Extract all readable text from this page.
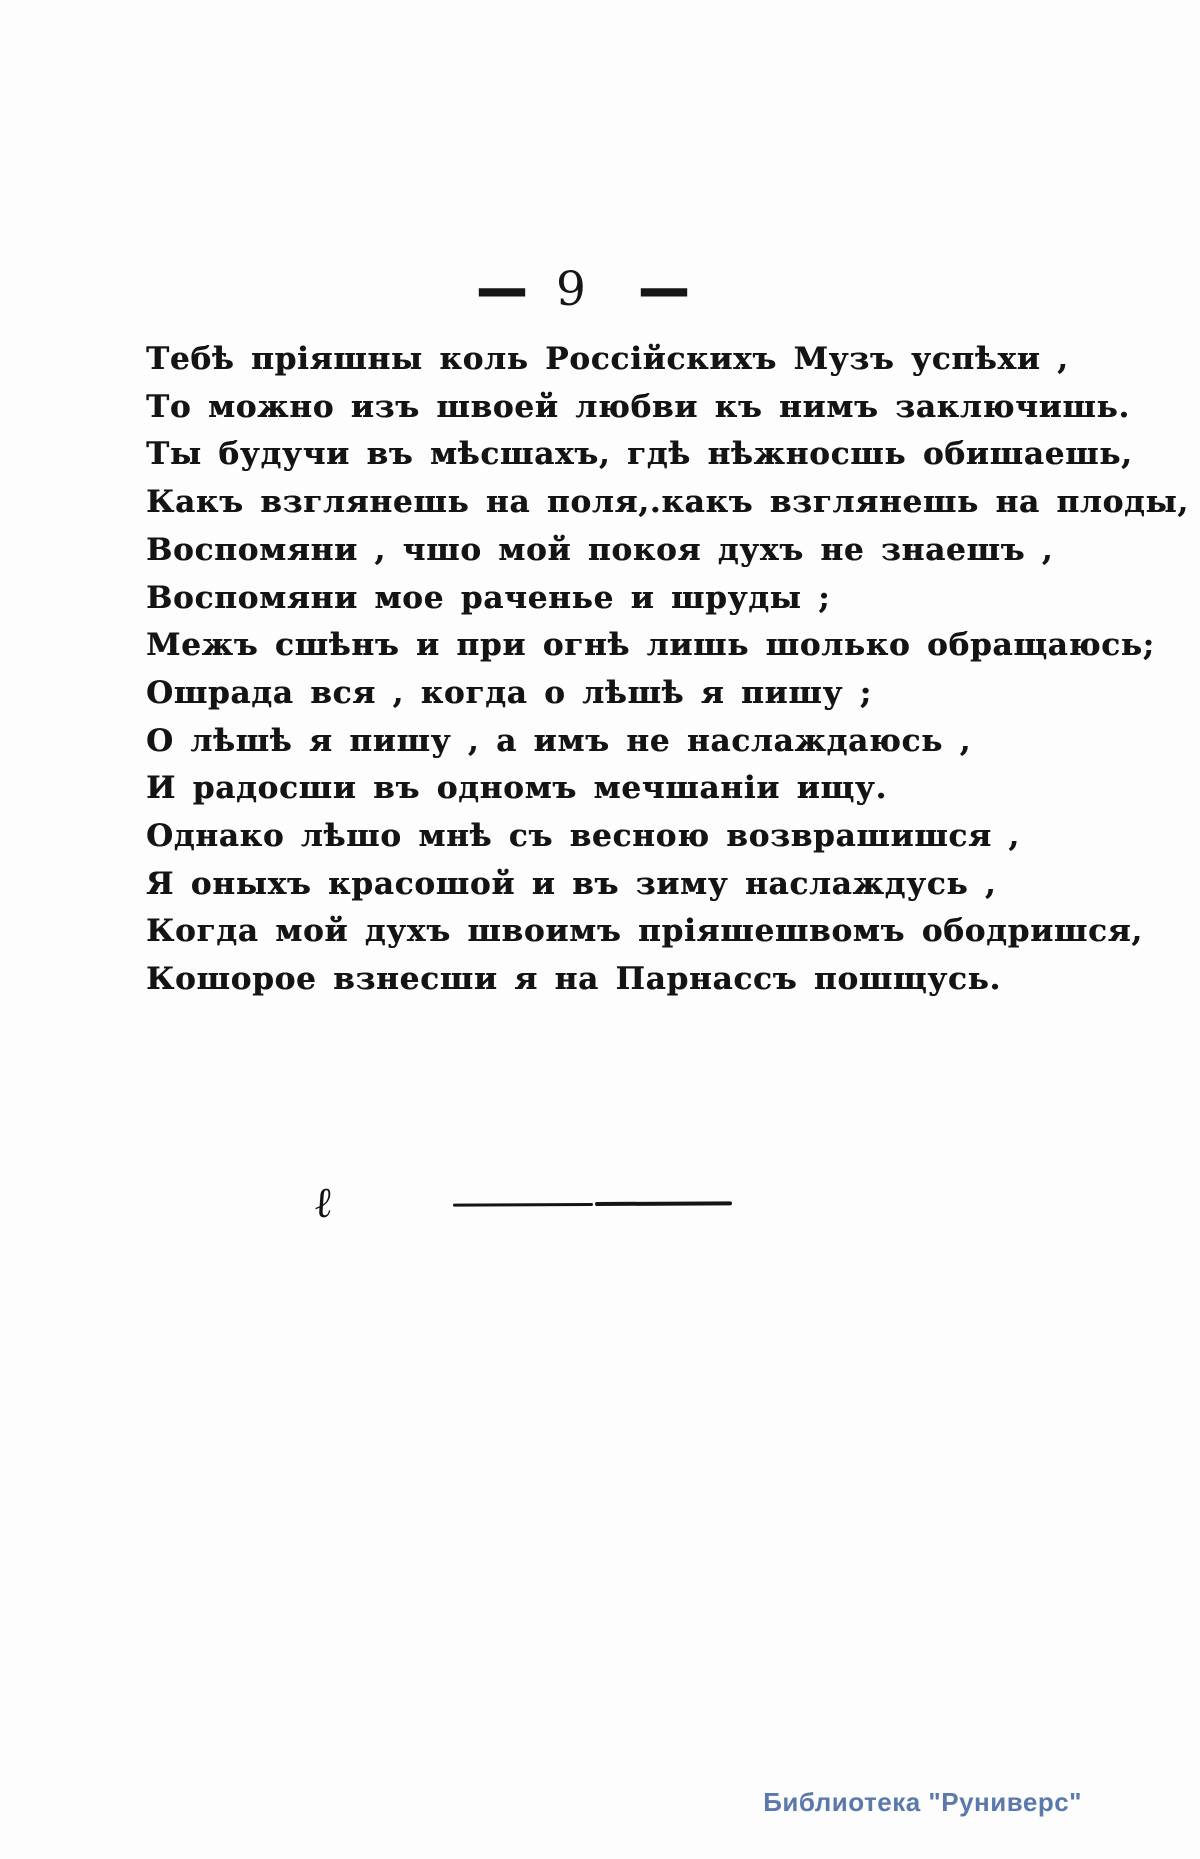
— 9 —
Тебѣ пріяшны коль Россійскихъ Музъ успѣхи ,
То можно изъ швоей любви къ нимъ заключишь.
Ты будучи въ мѣсшахъ, гдѣ нѣжносшь обишаешь,
Какъ взглянешь на поля,.какъ взглянешь на плоды,
Воспомяни , чшо мой покоя духъ не знаешъ ,
Воспомяни мое раченье и шруды ;
Межъ сшѣнъ и при огнѣ лишь шолько обращаюсь;
Ошрада вся , когда о лѣшѣ я пишу ;
О лѣшѣ я пишу , а имъ не наслаждаюсь ,
И радосши въ одномъ мечшаніи ищу.
Однако лѣшо мнѣ съ весною возврашишся ,
Я оныхъ красошой и въ зиму наслаждусь ,
Когда мой духъ швоимъ пріяшешвомъ ободришся,
Кошорое взнесши я на Парнассъ пошщусь.
ℓ
Библиотека "Руниверс"
